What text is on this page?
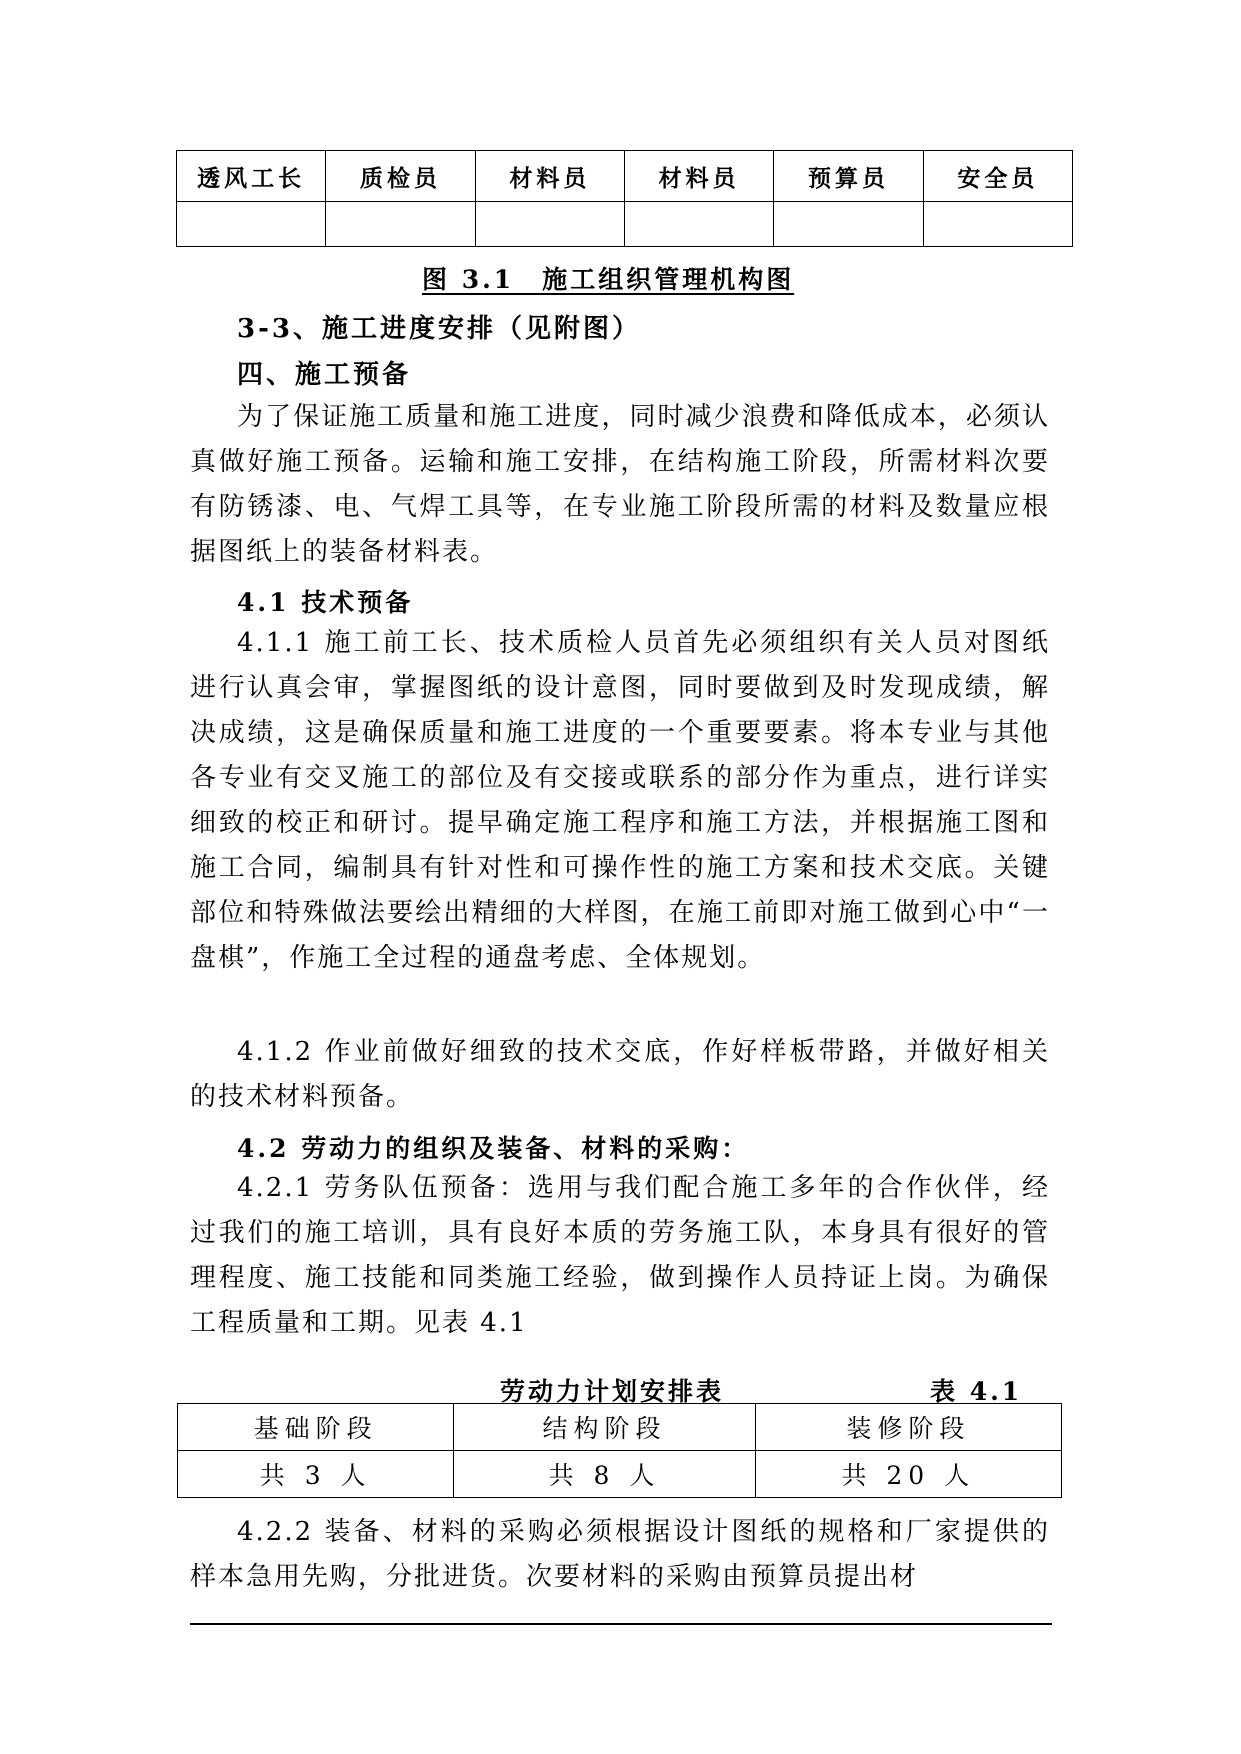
透风工长	质检员	材料员	材料员	预算员	安全员

图 3.1　施工组织管理机构图
3-3、施工进度安排（见附图）
四、施工预备

为了保证施工质量和施工进度，同时减少浪费和降低成本，必须认真做好施工预备。运输和施工安排，在结构施工阶段，所需材料次要有防锈漆、电、气焊工具等，在专业施工阶段所需的材料及数量应根据图纸上的装备材料表。

4.1 技术预备

4.1.1 施工前工长、技术质检人员首先必须组织有关人员对图纸进行认真会审，掌握图纸的设计意图，同时要做到及时发现成绩，解决成绩，这是确保质量和施工进度的一个重要要素。将本专业与其他各专业有交叉施工的部位及有交接或联系的部分作为重点，进行详实细致的校正和研讨。提早确定施工程序和施工方法，并根据施工图和施工合同，编制具有针对性和可操作性的施工方案和技术交底。关键部位和特殊做法要绘出精细的大样图，在施工前即对施工做到心中“一盘棋”，作施工全过程的通盘考虑、全体规划。

4.1.2 作业前做好细致的技术交底，作好样板带路，并做好相关的技术材料预备。

4.2 劳动力的组织及装备、材料的采购：

4.2.1 劳务队伍预备：选用与我们配合施工多年的合作伙伴，经过我们的施工培训，具有良好本质的劳务施工队，本身具有很好的管理程度、施工技能和同类施工经验，做到操作人员持证上岗。为确保工程质量和工期。见表 4.1

劳动力计划安排表	表 4.1
基础阶段	结构阶段	装修阶段
共 3 人	共 8 人	共 20 人

4.2.2 装备、材料的采购必须根据设计图纸的规格和厂家提供的样本急用先购，分批进货。次要材料的采购由预算员提出材
